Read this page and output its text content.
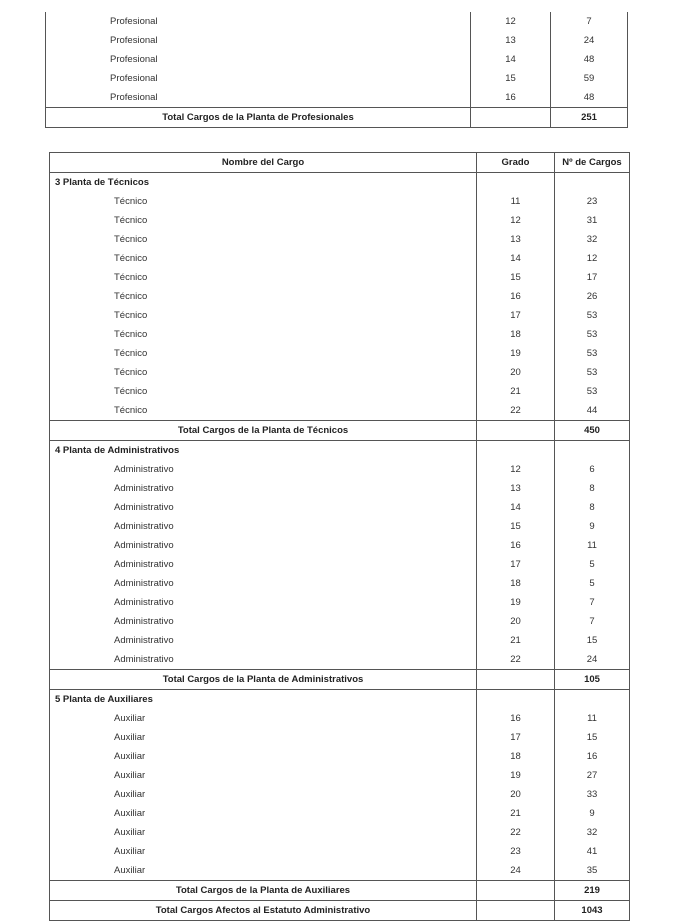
Profesional	12	7
Profesional	13	24
Profesional	14	48
Profesional	15	59
Profesional	16	48
Total Cargos de la Planta de Profesionales		251
Nombre del Cargo	Grado	Nº de Cargos
3 Planta de Técnicos		
Técnico	11	23
Técnico	12	31
Técnico	13	32
Técnico	14	12
Técnico	15	17
Técnico	16	26
Técnico	17	53
Técnico	18	53
Técnico	19	53
Técnico	20	53
Técnico	21	53
Técnico	22	44
Total Cargos de la Planta de Técnicos		450
4 Planta de Administrativos		
Administrativo	12	6
Administrativo	13	8
Administrativo	14	8
Administrativo	15	9
Administrativo	16	11
Administrativo	17	5
Administrativo	18	5
Administrativo	19	7
Administrativo	20	7
Administrativo	21	15
Administrativo	22	24
Total Cargos de la Planta de Administrativos		105
5 Planta de Auxiliares		
Auxiliar	16	11
Auxiliar	17	15
Auxiliar	18	16
Auxiliar	19	27
Auxiliar	20	33
Auxiliar	21	9
Auxiliar	22	32
Auxiliar	23	41
Auxiliar	24	35
Total Cargos de la Planta de Auxiliares		219
Total Cargos Afectos al Estatuto Administrativo		1043
